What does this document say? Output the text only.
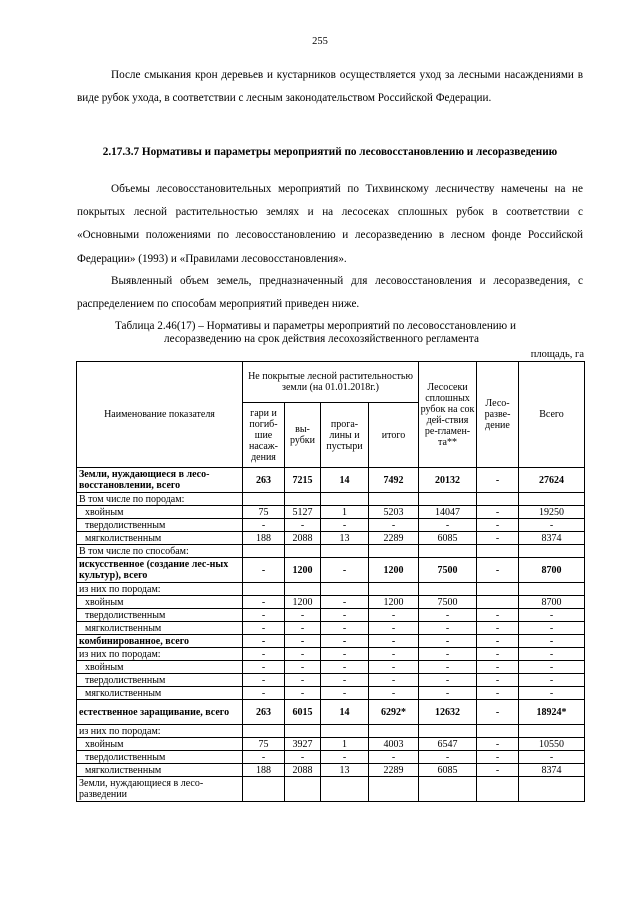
255
После смыкания крон деревьев и кустарников осуществляется уход за лесными насаждениями в виде рубок ухода, в соответствии с лесным законодательством Российской Федерации.
2.17.3.7 Нормативы и параметры мероприятий по лесовосстановлению и лесоразведению
Объемы лесовосстановительных мероприятий по Тихвинскому лесничеству намечены на не покрытых лесной растительностью землях и на лесосеках сплошных рубок в соответствии с «Основными положениями по лесовосстановлению и лесоразведению в лесном фонде Российской Федерации» (1993) и «Правилами лесовосстановления».
Выявленный объем земель, предназначенный для лесовосстановления и лесоразведения, с распределением по способам мероприятий приведен ниже.
Таблица 2.46(17) – Нормативы и параметры мероприятий по лесовосстановлению и
лесоразведению на срок действия лесохозяйственного регламента
площадь, га
Наименование показателя	Не покрытые лесной растительностью земли (на 01.01.2018г.)				Лесосеки сплошных рубок на сок дей-ствия ре-гламен-та**	Лесо-разве-дение	Всего
	гари и погиб-шие насаж-дения	вы-рубки	прога-лины и пустыри	итого			
Земли, нуждающиеся в лесо-восстановлении, всего	263	7215	14	7492	20132	-	27624
В том числе по породам:							
хвойным	75	5127	1	5203	14047	-	19250
твердолиственным	-	-	-	-	-	-	-
мягколиственным	188	2088	13	2289	6085	-	8374
В том числе по способам:							
искусственное (создание лес-ных культур), всего	-	1200	-	1200	7500	-	8700
из них по породам:							
хвойным	-	1200	-	1200	7500		8700
твердолиственным	-	-	-	-	-	-	-
мягколиственным	-	-	-	-	-	-	-
комбинированное, всего	-	-	-	-	-	-	-
из них по породам:	-	-	-	-	-	-	-
хвойным	-	-	-	-	-	-	-
твердолиственным	-	-	-	-	-	-	-
мягколиственным	-	-	-	-	-	-	-
естественное заращивание, всего	263	6015	14	6292*	12632	-	18924*
из них по породам:							
хвойным	75	3927	1	4003	6547	-	10550
твердолиственным	-	-	-	-	-	-	-
мягколиственным	188	2088	13	2289	6085	-	8374
Земли, нуждающиеся в лесо-разведении							
